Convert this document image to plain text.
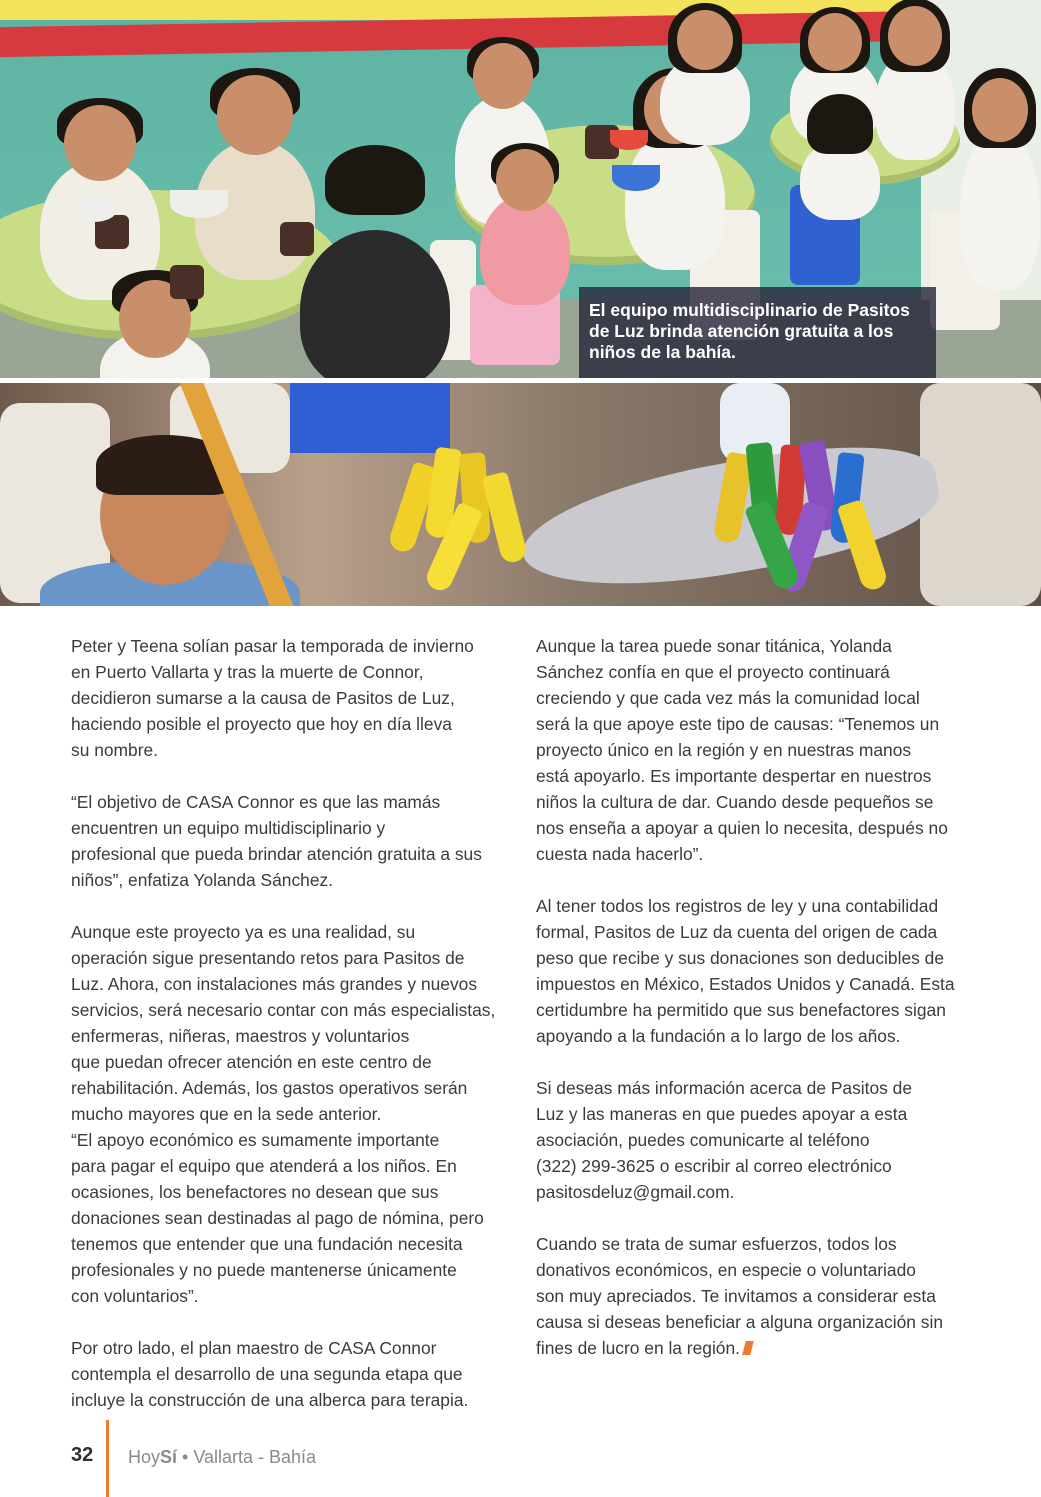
El equipo multidisciplinario de Pasitos de Luz brinda atención gratuita a los niños de la bahía.

Peter y Teena solían pasar la temporada de invierno
en Puerto Vallarta y tras la muerte de Connor,
decidieron sumarse a la causa de Pasitos de Luz,
haciendo posible el proyecto que hoy en día lleva
su nombre.

“El objetivo de CASA Connor es que las mamás
encuentren un equipo multidisciplinario y
profesional que pueda brindar atención gratuita a sus
niños”, enfatiza Yolanda Sánchez.

Aunque este proyecto ya es una realidad, su
operación sigue presentando retos para Pasitos de
Luz. Ahora, con instalaciones más grandes y nuevos
servicios, será necesario contar con más especialistas,
enfermeras, niñeras, maestros y voluntarios
que puedan ofrecer atención en este centro de
rehabilitación. Además, los gastos operativos serán
mucho mayores que en la sede anterior.

“El apoyo económico es sumamente importante
para pagar el equipo que atenderá a los niños. En
ocasiones, los benefactores no desean que sus
donaciones sean destinadas al pago de nómina, pero
tenemos que entender que una fundación necesita
profesionales y no puede mantenerse únicamente
con voluntarios”.

Por otro lado, el plan maestro de CASA Connor
contempla el desarrollo de una segunda etapa que
incluye la construcción de una alberca para terapia.

Aunque la tarea puede sonar titánica, Yolanda
Sánchez confía en que el proyecto continuará
creciendo y que cada vez más la comunidad local
será la que apoye este tipo de causas: “Tenemos un
proyecto único en la región y en nuestras manos
está apoyarlo. Es importante despertar en nuestros
niños la cultura de dar. Cuando desde pequeños se
nos enseña a apoyar a quien lo necesita, después no
cuesta nada hacerlo”.

Al tener todos los registros de ley y una contabilidad
formal, Pasitos de Luz da cuenta del origen de cada
peso que recibe y sus donaciones son deducibles de
impuestos en México, Estados Unidos y Canadá. Esta
certidumbre ha permitido que sus benefactores sigan
apoyando a la fundación a lo largo de los años.

Si deseas más información acerca de Pasitos de
Luz y las maneras en que puedes apoyar a esta
asociación, puedes comunicarte al teléfono
(322) 299-3625 o escribir al correo electrónico
pasitosdeluz@gmail.com.

Cuando se trata de sumar esfuerzos, todos los
donativos económicos, en especie o voluntariado
son muy apreciados. Te invitamos a considerar esta
causa si deseas beneficiar a alguna organización sin
fines de lucro en la región.

32 HoySí • Vallarta - Bahía
